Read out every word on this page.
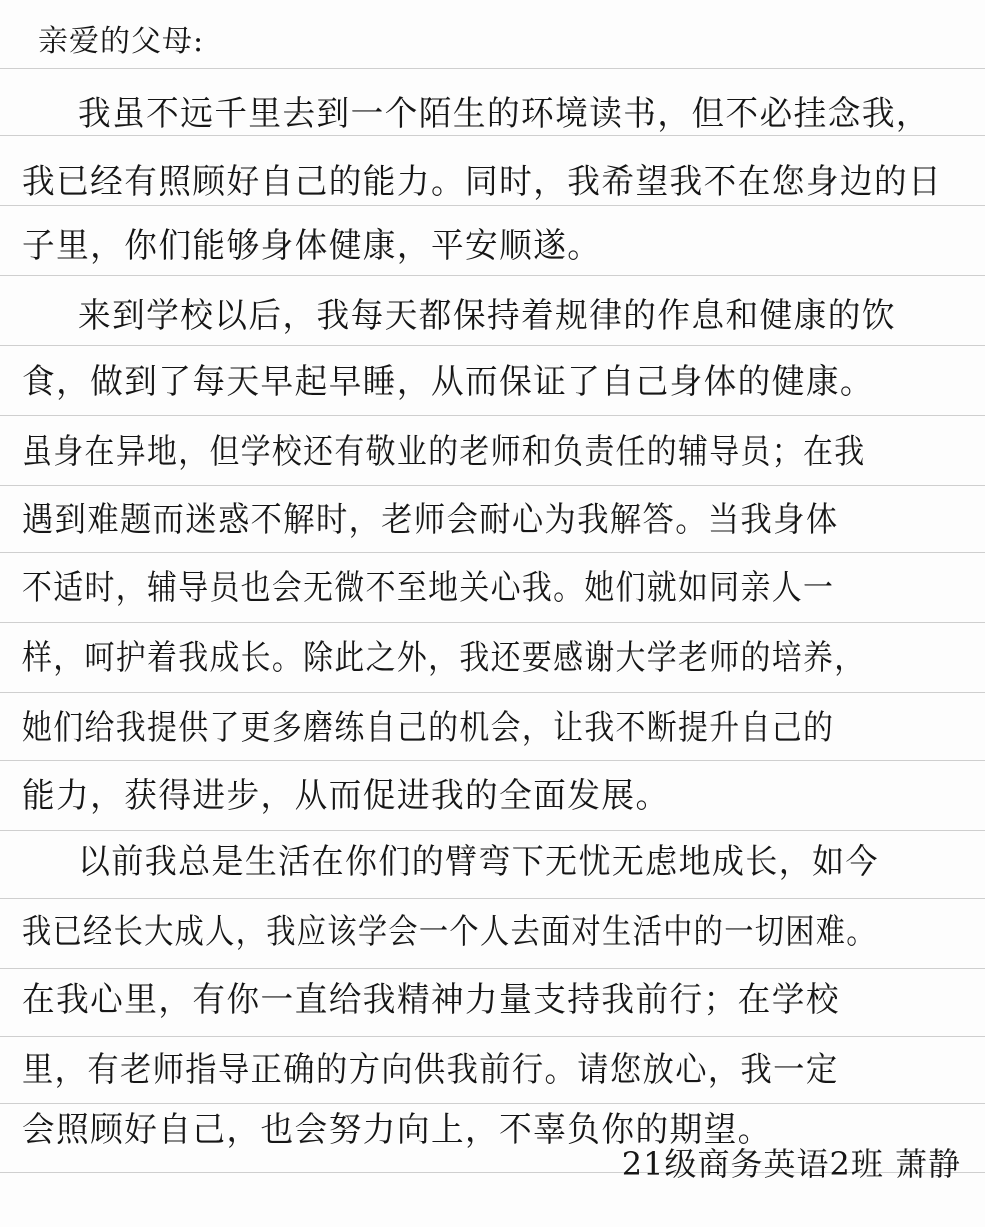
亲爱的父母:
我虽不远千里去到一个陌生的环境读书，但不必挂念我，
我已经有照顾好自己的能力。同时，我希望我不在您身边的日
子里，你们能够身体健康，平安顺遂。
来到学校以后，我每天都保持着规律的作息和健康的饮
食，做到了每天早起早睡，从而保证了自己身体的健康。
虽身在异地，但学校还有敬业的老师和负责任的辅导员；在我
遇到难题而迷惑不解时，老师会耐心为我解答。当我身体
不适时，辅导员也会无微不至地关心我。她们就如同亲人一
样，呵护着我成长。除此之外，我还要感谢大学老师的培养，
她们给我提供了更多磨练自己的机会，让我不断提升自己的
能力，获得进步，从而促进我的全面发展。
以前我总是生活在你们的臂弯下无忧无虑地成长，如今
我已经长大成人，我应该学会一个人去面对生活中的一切困难。
在我心里，有你一直给我精神力量支持我前行；在学校
里，有老师指导正确的方向供我前行。请您放心，我一定
会照顾好自己，也会努力向上，不辜负你的期望。
21级商务英语2班 萧静
